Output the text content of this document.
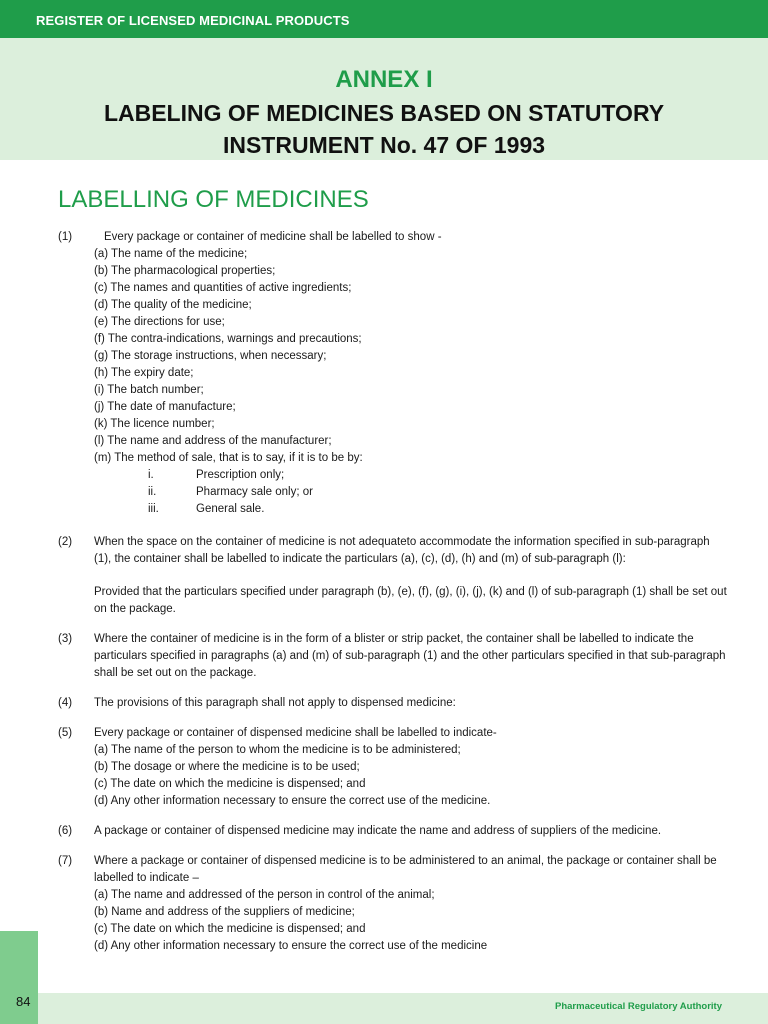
REGISTER OF LICENSED MEDICINAL PRODUCTS
ANNEX I
LABELING OF MEDICINES BASED ON STATUTORY
INSTRUMENT No. 47 OF 1993
LABELLING OF MEDICINES
(1)	Every package or container of medicine shall be labelled to show -
(a) The name of the medicine;
(b) The pharmacological properties;
(c) The names and quantities of active ingredients;
(d) The quality of the medicine;
(e) The directions for use;
(f) The contra-indications, warnings and precautions;
(g) The storage instructions, when necessary;
(h) The expiry date;
(i) The batch number;
(j) The date of manufacture;
(k) The licence number;
(l) The name and address of the manufacturer;
(m) The method of sale, that is to say, if it is to be by:
i.	Prescription only;
ii.	Pharmacy sale only; or
iii.	General sale.
(2) When the space on the container of medicine is not adequateto accommodate the information specified in sub-paragraph (1), the container shall be labelled to indicate the particulars (a), (c), (d), (h) and (m) of sub-paragraph (l):
Provided that the particulars specified under paragraph (b), (e), (f), (g), (i), (j), (k) and (l) of sub-paragraph (1) shall be set out on the package.
(3) Where the container of medicine is in the form of a blister or strip packet, the container shall be labelled to indicate the particulars specified in paragraphs (a) and (m) of sub-paragraph (1) and the other particulars specified in that sub-paragraph shall be set out on the package.
(4) The provisions of this paragraph shall not apply to dispensed medicine:
(5) Every package or container of dispensed medicine shall be labelled to indicate-
(a) The name of the person to whom the medicine is to be administered;
(b) The dosage or where the medicine is to be used;
(c) The date on which the medicine is dispensed; and
(d) Any other information necessary to ensure the correct use of the medicine.
(6) A package or container of dispensed medicine may indicate the name and address of suppliers of the medicine.
(7) Where a package or container of dispensed medicine is to be administered to an animal, the package or container shall be labelled to indicate –
(a) The name and addressed of the person in control of the animal;
(b) Name and address of the suppliers of medicine;
(c) The date on which the medicine is dispensed; and
(d) Any other information necessary to ensure the correct use of the medicine
84	Pharmaceutical Regulatory Authority
